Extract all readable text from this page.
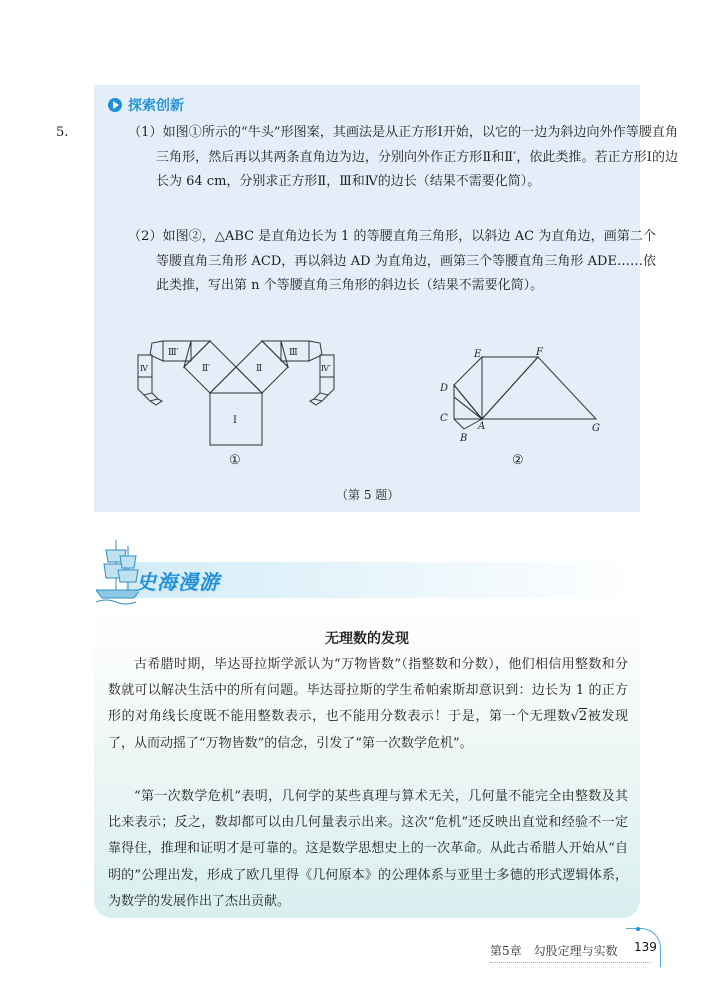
探索创新
5.	（1）如图①所示的“牛头”形图案，其画法是从正方形Ⅰ开始，以它的一边为斜边向外作等腰直角三角形，然后再以其两条直角边为边，分别向外作正方形Ⅱ和Ⅱ′，依此类推。若正方形Ⅰ的边长为 64 cm，分别求正方形Ⅱ，Ⅲ和Ⅳ的边长（结果不需要化简）。
（2）如图②，△ABC 是直角边长为 1 的等腰直角三角形，以斜边 AC 为直角边，画第二个等腰直角三角形 ACD，再以斜边 AD 为直角边，画第三个等腰直角三角形 ADE……依此类推，写出第 n 个等腰直角三角形的斜边长（结果不需要化简）。
Ⅰ
Ⅱ′	Ⅱ
Ⅲ′	Ⅲ
Ⅳ	Ⅳ′
①
E	F
D
C
A
B
G
②
（第 5 题）
史海漫游
无理数的发现
古希腊时期，毕达哥拉斯学派认为“万物皆数”（指整数和分数），他们相信用整数和分数就可以解决生活中的所有问题。毕达哥拉斯的学生希帕索斯却意识到：边长为 1 的正方形的对角线长度既不能用整数表示，也不能用分数表示！于是，第一个无理数√2被发现了，从而动摇了“万物皆数”的信念，引发了“第一次数学危机”。
“第一次数学危机”表明，几何学的某些真理与算术无关，几何量不能完全由整数及其比来表示；反之，数却都可以由几何量表示出来。这次“危机”还反映出直觉和经验不一定靠得住，推理和证明才是可靠的。这是数学思想史上的一次革命。从此古希腊人开始从“自明的”公理出发，形成了欧几里得《几何原本》的公理体系与亚里士多德的形式逻辑体系，为数学的发展作出了杰出贡献。
第5章　勾股定理与实数 139
